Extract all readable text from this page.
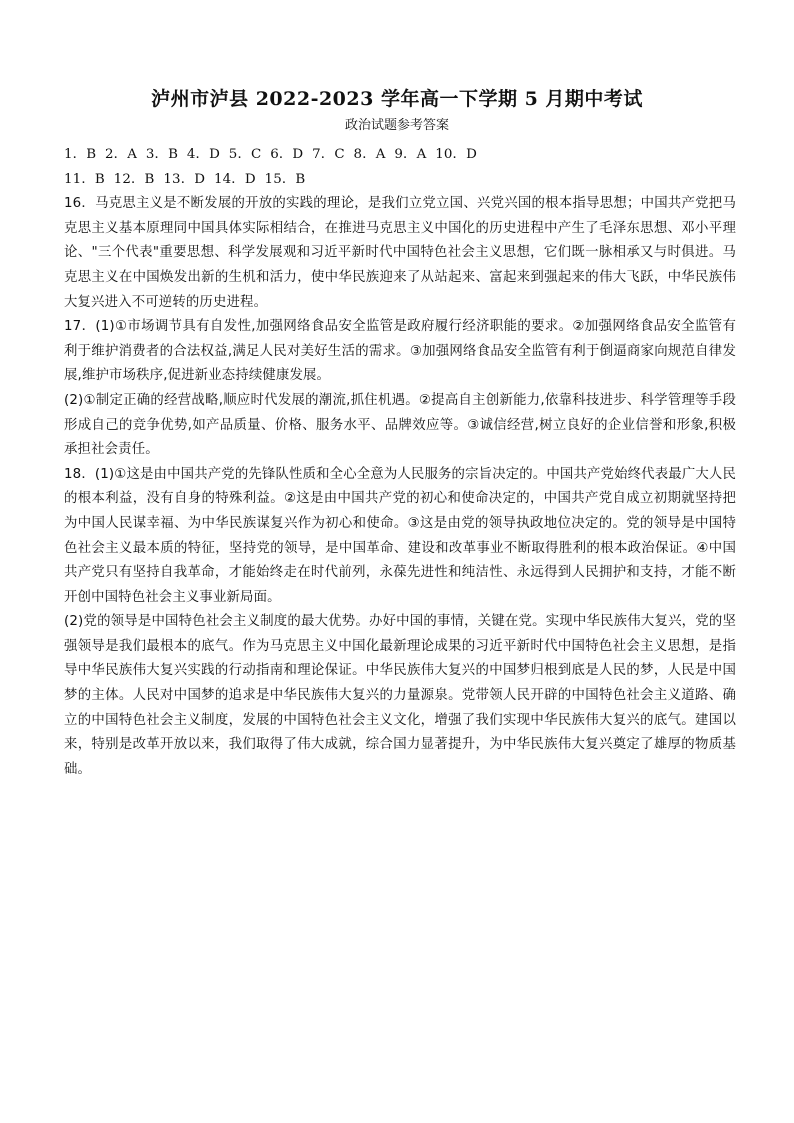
泸州市泸县 2022-2023 学年高一下学期 5 月期中考试
政治试题参考答案

1．B  2．A  3．B  4．D  5．C  6．D  7．C  8．A  9．A  10．D

11．B  12．B  13．D  14．D  15．B

16．马克思主义是不断发展的开放的实践的理论，是我们立党立国、兴党兴国的根本指导思想；中国共产党把马克思主义基本原理同中国具体实际相结合，在推进马克思主义中国化的历史进程中产生了毛泽东思想、邓小平理论、"三个代表"重要思想、科学发展观和习近平新时代中国特色社会主义思想，它们既一脉相承又与时俱进。马克思主义在中国焕发出新的生机和活力，使中华民族迎来了从站起来、富起来到强起来的伟大飞跃，中华民族伟大复兴进入不可逆转的历史进程。

17．(1)①市场调节具有自发性,加强网络食品安全监管是政府履行经济职能的要求。②加强网络食品安全监管有利于维护消费者的合法权益,满足人民对美好生活的需求。③加强网络食品安全监管有利于倒逼商家向规范自律发展,维护市场秩序,促进新业态持续健康发展。

(2)①制定正确的经营战略,顺应时代发展的潮流,抓住机遇。②提高自主创新能力,依靠科技进步、科学管理等手段形成自己的竞争优势,如产品质量、价格、服务水平、品牌效应等。③诚信经营,树立良好的企业信誉和形象,积极承担社会责任。

18．(1)①这是由中国共产党的先锋队性质和全心全意为人民服务的宗旨决定的。中国共产党始终代表最广大人民的根本利益，没有自身的特殊利益。②这是由中国共产党的初心和使命决定的，中国共产党自成立初期就坚持把为中国人民谋幸福、为中华民族谋复兴作为初心和使命。③这是由党的领导执政地位决定的。党的领导是中国特色社会主义最本质的特征，坚持党的领导，是中国革命、建设和改革事业不断取得胜利的根本政治保证。④中国共产党只有坚持自我革命，才能始终走在时代前列，永葆先进性和纯洁性、永远得到人民拥护和支持，才能不断开创中国特色社会主义事业新局面。

(2)党的领导是中国特色社会主义制度的最大优势。办好中国的事情，关键在党。实现中华民族伟大复兴，党的坚强领导是我们最根本的底气。作为马克思主义中国化最新理论成果的习近平新时代中国特色社会主义思想，是指导中华民族伟大复兴实践的行动指南和理论保证。中华民族伟大复兴的中国梦归根到底是人民的梦，人民是中国梦的主体。人民对中国梦的追求是中华民族伟大复兴的力量源泉。党带领人民开辟的中国特色社会主义道路、确立的中国特色社会主义制度，发展的中国特色社会主义文化，增强了我们实现中华民族伟大复兴的底气。建国以来，特别是改革开放以来，我们取得了伟大成就，综合国力显著提升，为中华民族伟大复兴奠定了雄厚的物质基础。
